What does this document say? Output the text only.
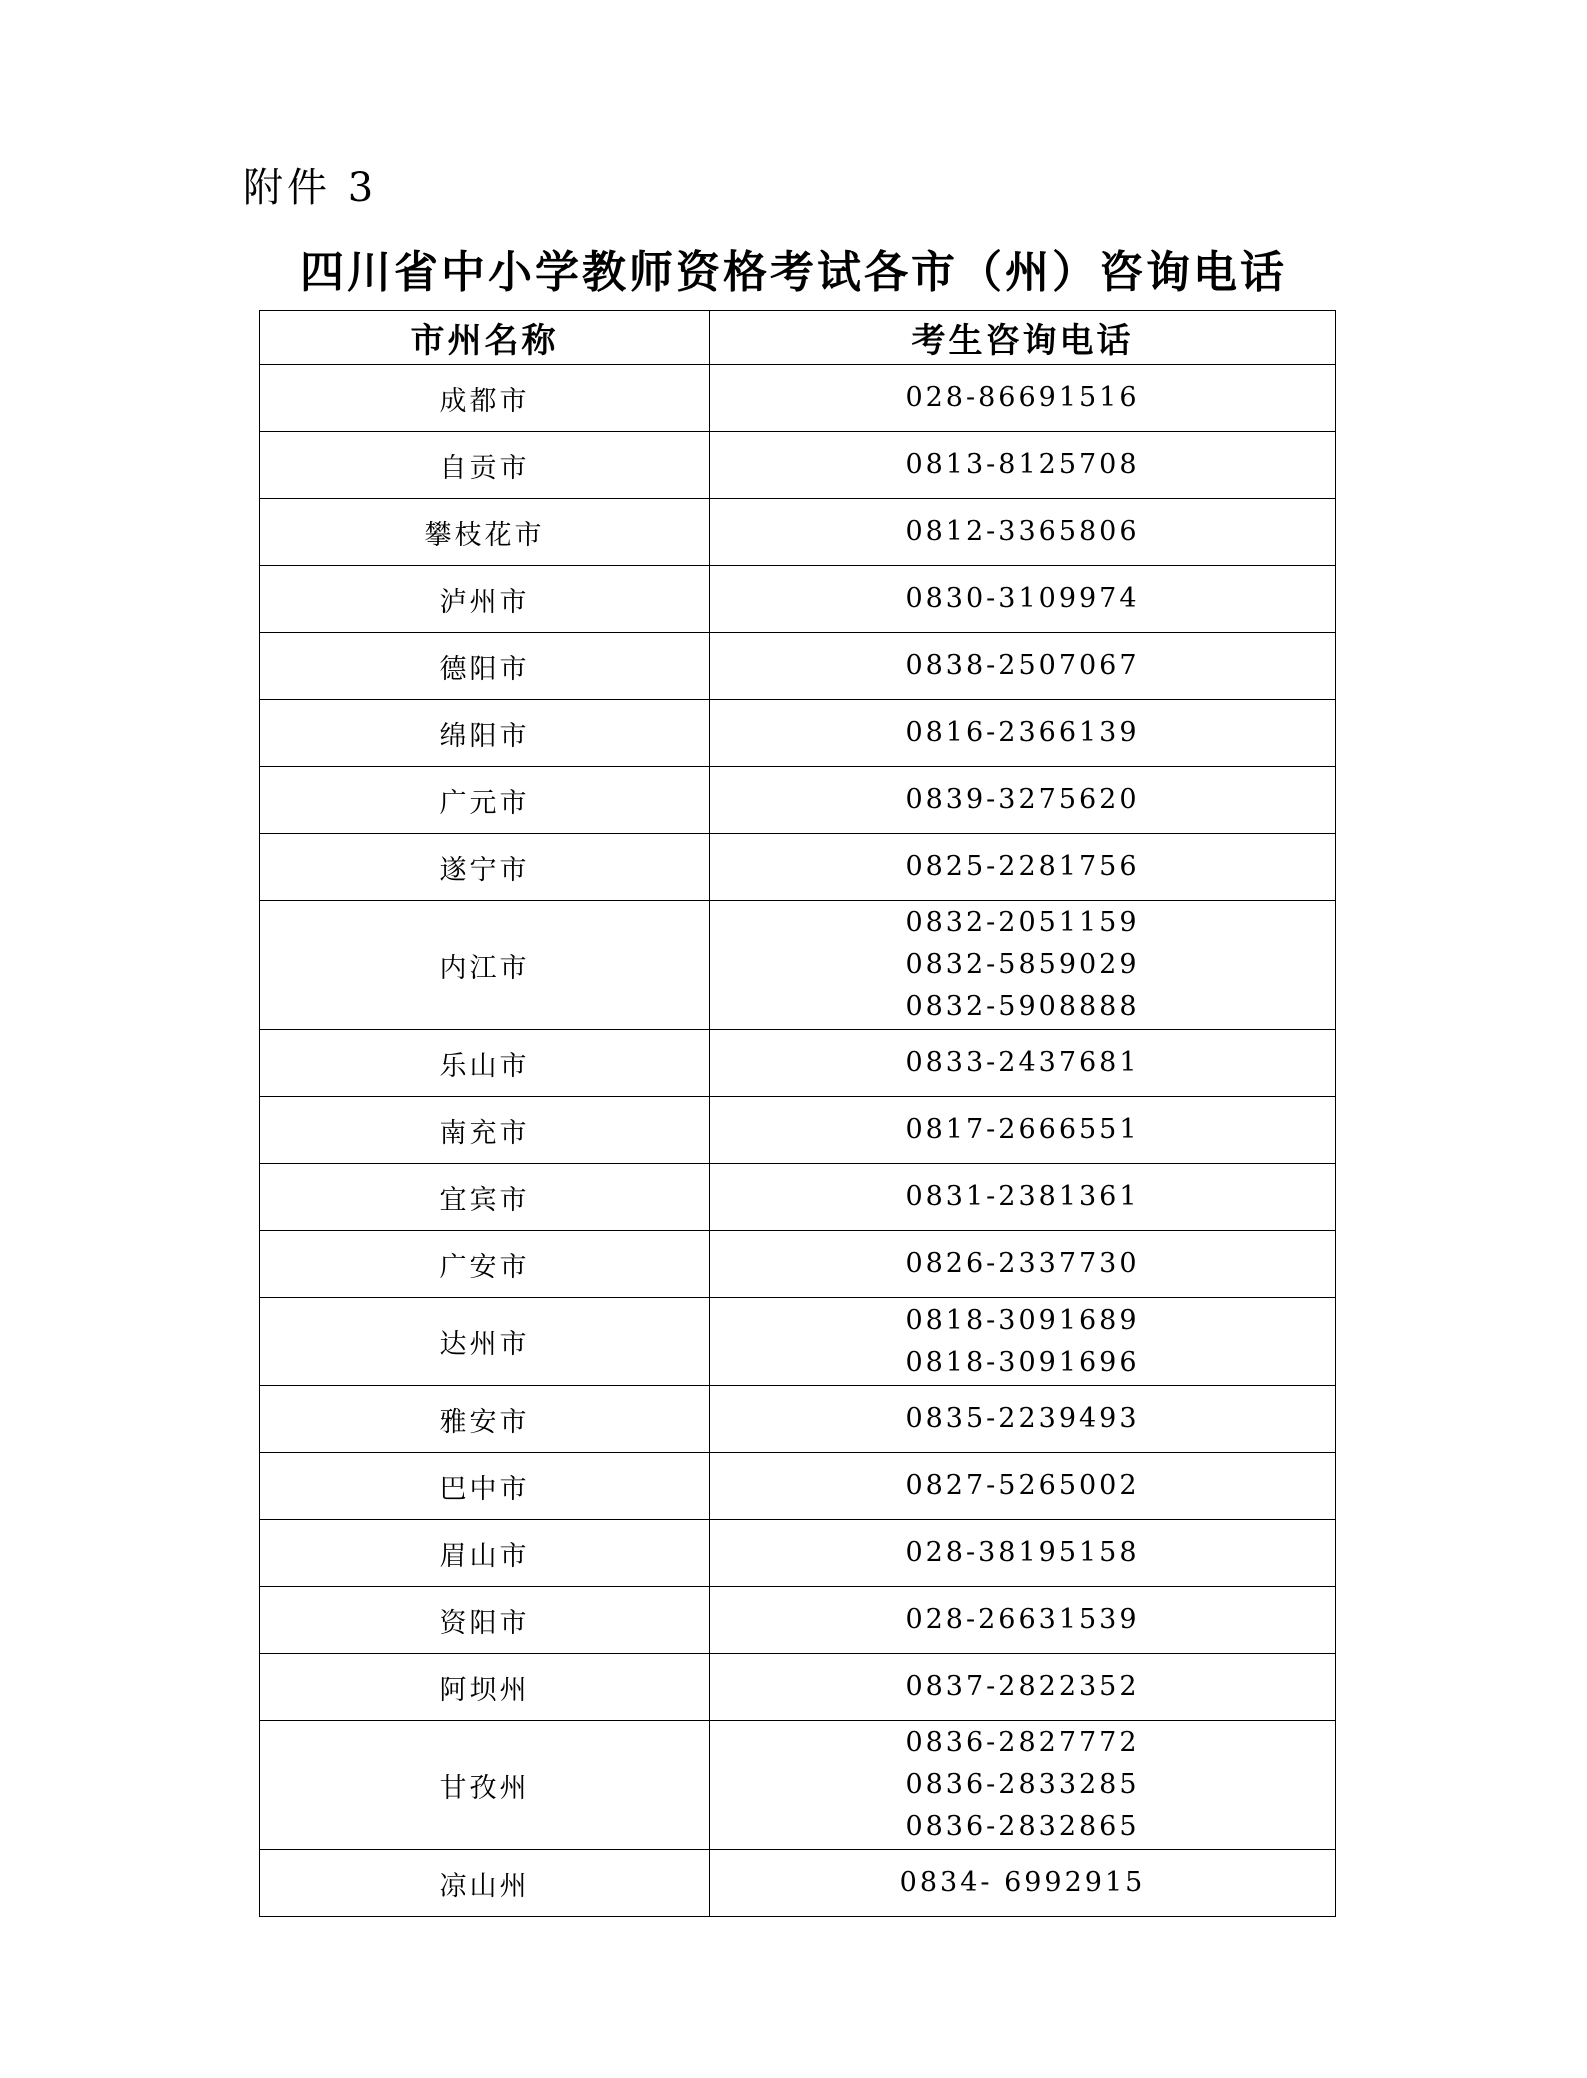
附件 3
四川省中小学教师资格考试各市（州）咨询电话
市州名称	考生咨询电话
成都市	028-86691516

自贡市	0813-8125708

攀枝花市	0812-3365806

泸州市	0830-3109974

德阳市	0838-2507067

绵阳市	0816-2366139

广元市	0839-3275620

遂宁市	0825-2281756

内江市	0832-2051159
0832-5859029
0832-5908888

乐山市	0833-2437681

南充市	0817-2666551

宜宾市	0831-2381361

广安市	0826-2337730

达州市	0818-3091689
0818-3091696

雅安市	0835-2239493

巴中市	0827-5265002

眉山市	028-38195158

资阳市	028-26631539

阿坝州	0837-2822352

甘孜州	0836-2827772
0836-2833285
0836-2832865

凉山州	0834- 6992915
